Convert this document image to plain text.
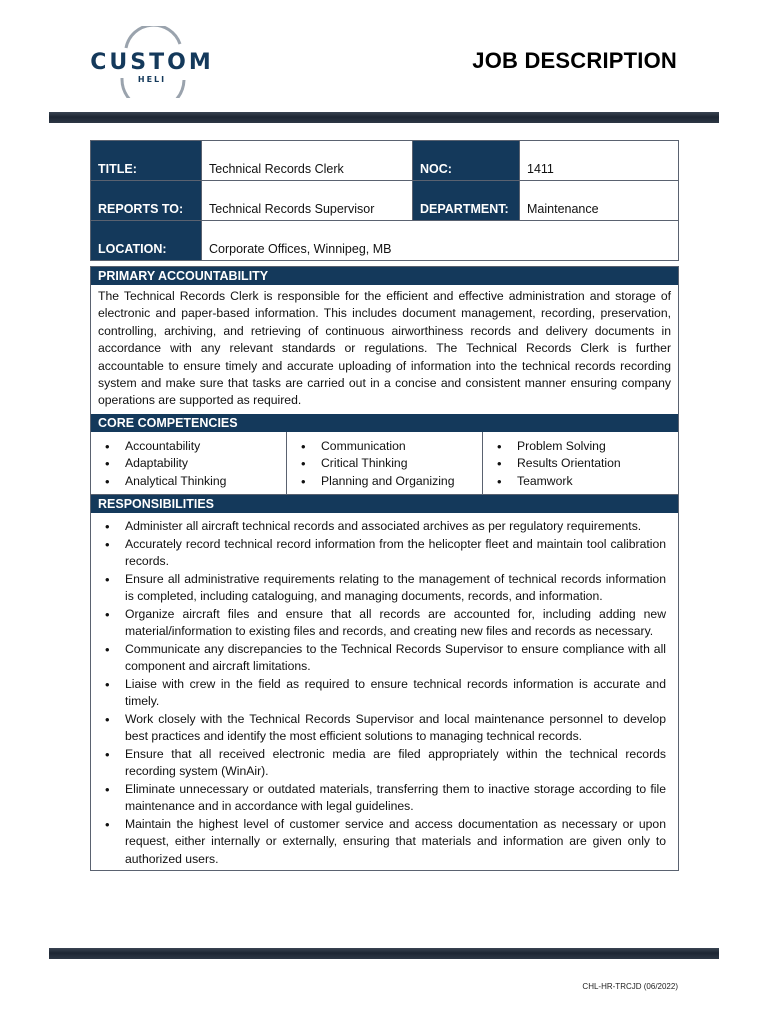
CUSTOM
HELI
JOB DESCRIPTION
TITLE:	Technical Records Clerk	NOC:	1411
REPORTS TO:	Technical Records Supervisor	DEPARTMENT:	Maintenance
LOCATION:	Corporate Offices, Winnipeg, MB		
PRIMARY ACCOUNTABILITY
The Technical Records Clerk is responsible for the efficient and effective administration and storage of electronic and paper-based information. This includes document management, recording, preservation, controlling, archiving, and retrieving of continuous airworthiness records and delivery documents in accordance with any relevant standards or regulations. The Technical Records Clerk is further accountable to ensure timely and accurate uploading of information into the technical records recording system and make sure that tasks are carried out in a concise and consistent manner ensuring company operations are supported as required.
CORE COMPETENCIES
• Accountability
• Adaptability
• Analytical Thinking
• Communication
• Critical Thinking
• Planning and Organizing
• Problem Solving
• Results Orientation
• Teamwork
RESPONSIBILITIES
• Administer all aircraft technical records and associated archives as per regulatory requirements.
• Accurately record technical record information from the helicopter fleet and maintain tool calibration records.
• Ensure all administrative requirements relating to the management of technical records information is completed, including cataloguing, and managing documents, records, and information.
• Organize aircraft files and ensure that all records are accounted for, including adding new material/information to existing files and records, and creating new files and records as necessary.
• Communicate any discrepancies to the Technical Records Supervisor to ensure compliance with all component and aircraft limitations.
• Liaise with crew in the field as required to ensure technical records information is accurate and timely.
• Work closely with the Technical Records Supervisor and local maintenance personnel to develop best practices and identify the most efficient solutions to managing technical records.
• Ensure that all received electronic media are filed appropriately within the technical records recording system (WinAir).
• Eliminate unnecessary or outdated materials, transferring them to inactive storage according to file maintenance and in accordance with legal guidelines.
• Maintain the highest level of customer service and access documentation as necessary or upon request, either internally or externally, ensuring that materials and information are given only to authorized users.
CHL-HR-TRCJD (06/2022)
